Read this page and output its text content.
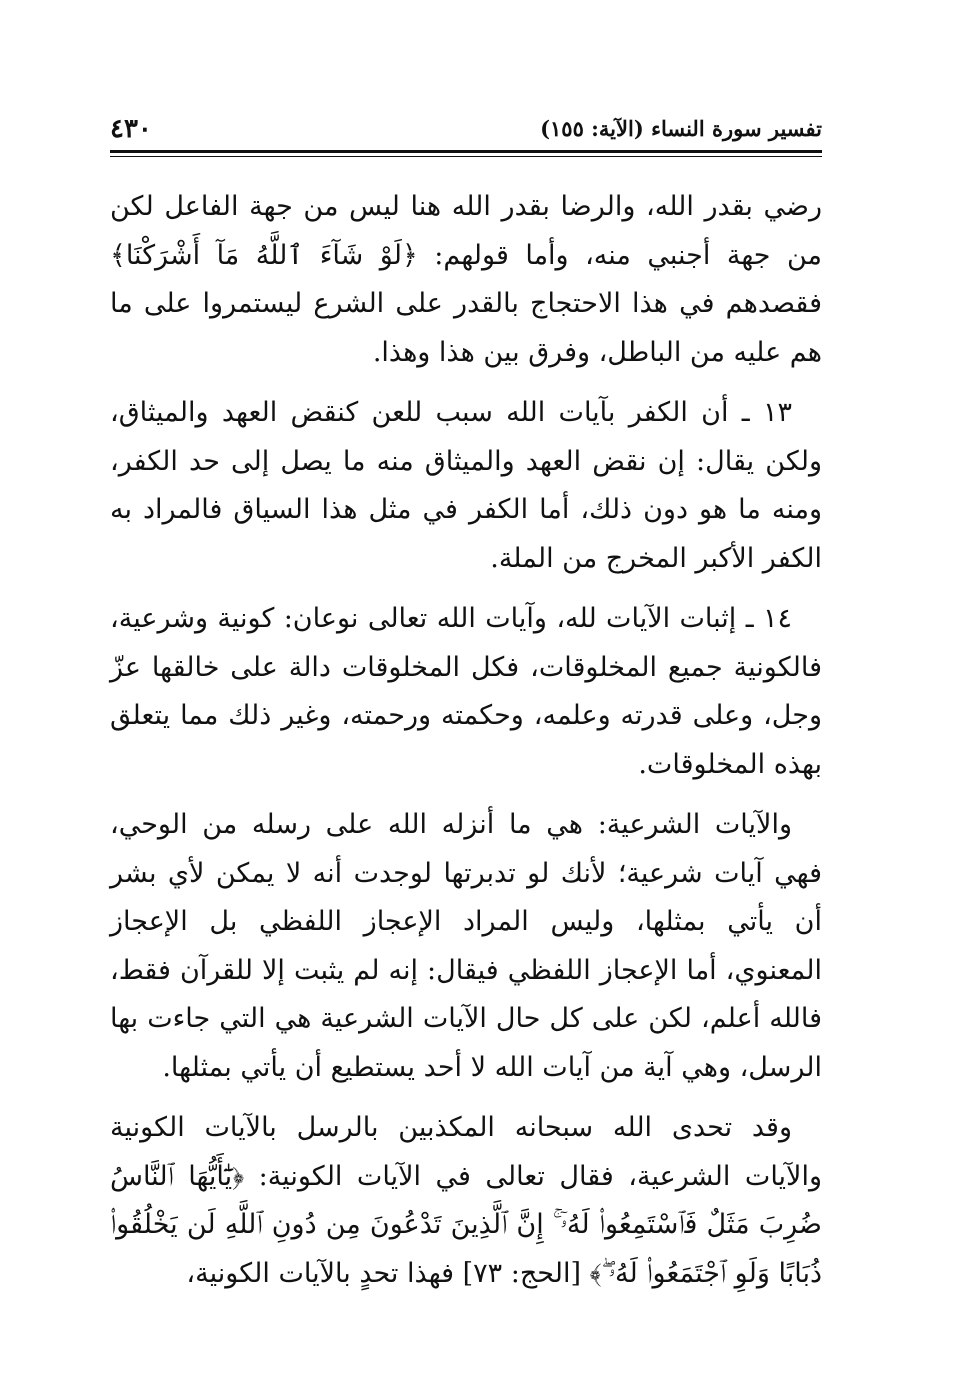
تفسير سورة النساء (الآية: ١٥٥)
٤٣٠

رضي بقدر الله، والرضا بقدر الله هنا ليس من جهة الفاعل لكن من جهة أجنبي منه، وأما قولهم: ﴿لَوْ شَآءَ ٱللَّهُ مَآ أَشْرَكْنَا﴾ فقصدهم في هذا الاحتجاج بالقدر على الشرع ليستمروا على ما هم عليه من الباطل، وفرق بين هذا وهذا.

١٣ ـ أن الكفر بآيات الله سبب للعن كنقض العهد والميثاق، ولكن يقال: إن نقض العهد والميثاق منه ما يصل إلى حد الكفر، ومنه ما هو دون ذلك، أما الكفر في مثل هذا السياق فالمراد به الكفر الأكبر المخرج من الملة.

١٤ ـ إثبات الآيات لله، وآيات الله تعالى نوعان: كونية وشرعية، فالكونية جميع المخلوقات، فكل المخلوقات دالة على خالقها عزّ وجل، وعلى قدرته وعلمه، وحكمته ورحمته، وغير ذلك مما يتعلق بهذه المخلوقات.

والآيات الشرعية: هي ما أنزله الله على رسله من الوحي، فهي آيات شرعية؛ لأنك لو تدبرتها لوجدت أنه لا يمكن لأي بشر أن يأتي بمثلها، وليس المراد الإعجاز اللفظي بل الإعجاز المعنوي، أما الإعجاز اللفظي فيقال: إنه لم يثبت إلا للقرآن فقط، فالله أعلم، لكن على كل حال الآيات الشرعية هي التي جاءت بها الرسل، وهي آية من آيات الله لا أحد يستطيع أن يأتي بمثلها.

وقد تحدى الله سبحانه المكذبين بالرسل بالآيات الكونية والآيات الشرعية، فقال تعالى في الآيات الكونية: ﴿يَٰٓأَيُّهَا ٱلنَّاسُ ضُرِبَ مَثَلٌ فَٱسْتَمِعُوا۟ لَهُۥٓ ۚ إِنَّ ٱلَّذِينَ تَدْعُونَ مِن دُونِ ٱللَّهِ لَن يَخْلُقُوا۟ ذُبَابًا وَلَوِ ٱجْتَمَعُوا۟ لَهُۥ ۖ﴾ [الحج: ٧٣] فهذا تحدٍ بالآيات الكونية،
